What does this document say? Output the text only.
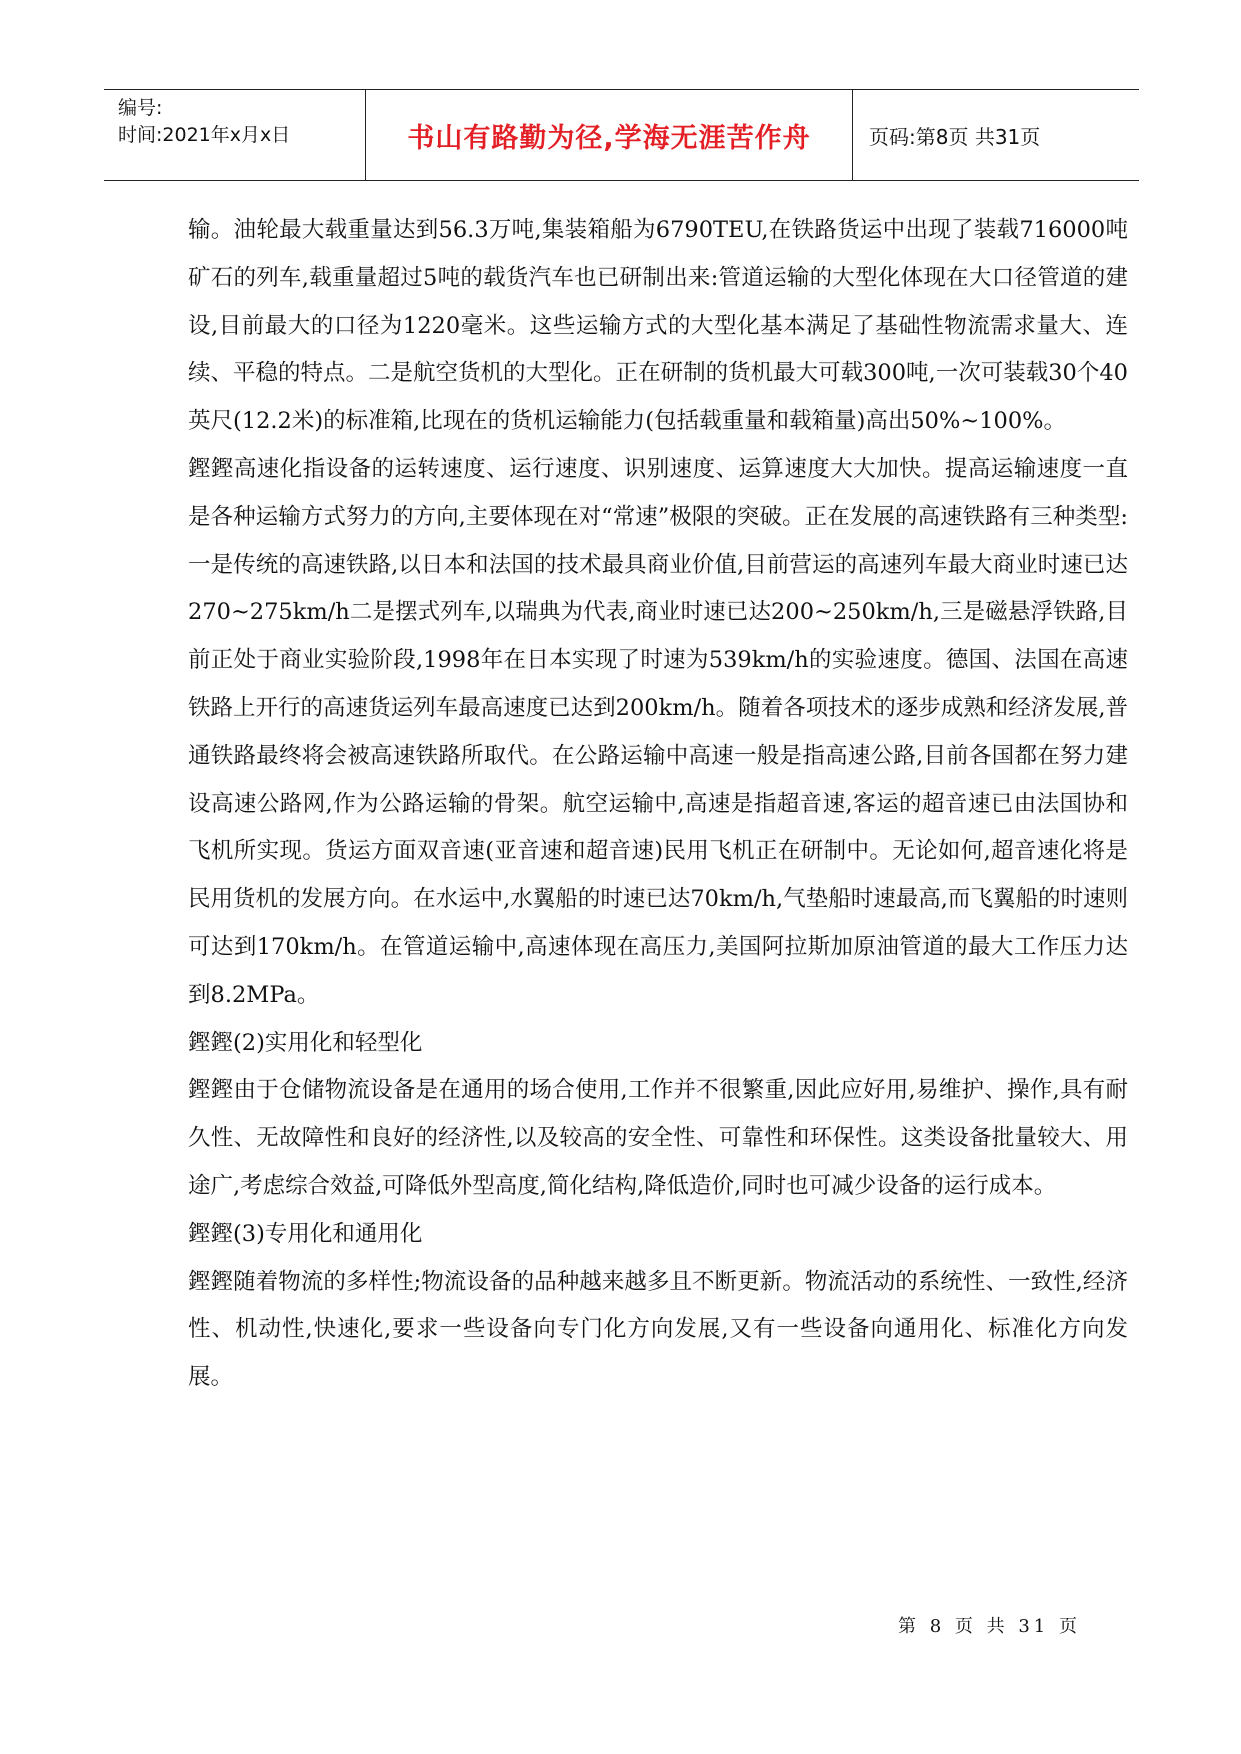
编号:
时间:2021年x月x日	书山有路勤为径,学海无涯苦作舟	页码:第8页 共31页

输。油轮最大载重量达到56.3万吨,集装箱船为6790TEU,在铁路货运中出现了装载716000吨矿石的列车,载重量超过5吨的载货汽车也已研制出来:管道运输的大型化体现在大口径管道的建设,目前最大的口径为1220毫米。这些运输方式的大型化基本满足了基础性物流需求量大、连续、平稳的特点。二是航空货机的大型化。正在研制的货机最大可载300吨,一次可装载30个40英尺(12.2米)的标准箱,比现在的货机运输能力(包括载重量和载箱量)高出50%~100%。

鏗鏗高速化指设备的运转速度、运行速度、识别速度、运算速度大大加快。提高运输速度一直是各种运输方式努力的方向,主要体现在对“常速”极限的突破。正在发展的高速铁路有三种类型:一是传统的高速铁路,以日本和法国的技术最具商业价值,目前营运的高速列车最大商业时速已达270~275km/h二是摆式列车,以瑞典为代表,商业时速已达200~250km/h,三是磁悬浮铁路,目前正处于商业实验阶段,1998年在日本实现了时速为539km/h的实验速度。德国、法国在高速铁路上开行的高速货运列车最高速度已达到200km/h。随着各项技术的逐步成熟和经济发展,普通铁路最终将会被高速铁路所取代。在公路运输中高速一般是指高速公路,目前各国都在努力建设高速公路网,作为公路运输的骨架。航空运输中,高速是指超音速,客运的超音速已由法国协和飞机所实现。货运方面双音速(亚音速和超音速)民用飞机正在研制中。无论如何,超音速化将是民用货机的发展方向。在水运中,水翼船的时速已达70km/h,气垫船时速最高,而飞翼船的时速则可达到170km/h。在管道运输中,高速体现在高压力,美国阿拉斯加原油管道的最大工作压力达到8.2MPa。

鏗鏗(2)实用化和轻型化

鏗鏗由于仓储物流设备是在通用的场合使用,工作并不很繁重,因此应好用,易维护、操作,具有耐久性、无故障性和良好的经济性,以及较高的安全性、可靠性和环保性。这类设备批量较大、用途广,考虑综合效益,可降低外型高度,简化结构,降低造价,同时也可减少设备的运行成本。

鏗鏗(3)专用化和通用化

鏗鏗随着物流的多样性;物流设备的品种越来越多且不断更新。物流活动的系统性、一致性,经济性、机动性,快速化,要求一些设备向专门化方向发展,又有一些设备向通用化、标准化方向发展。

第 8 页 共 31 页
